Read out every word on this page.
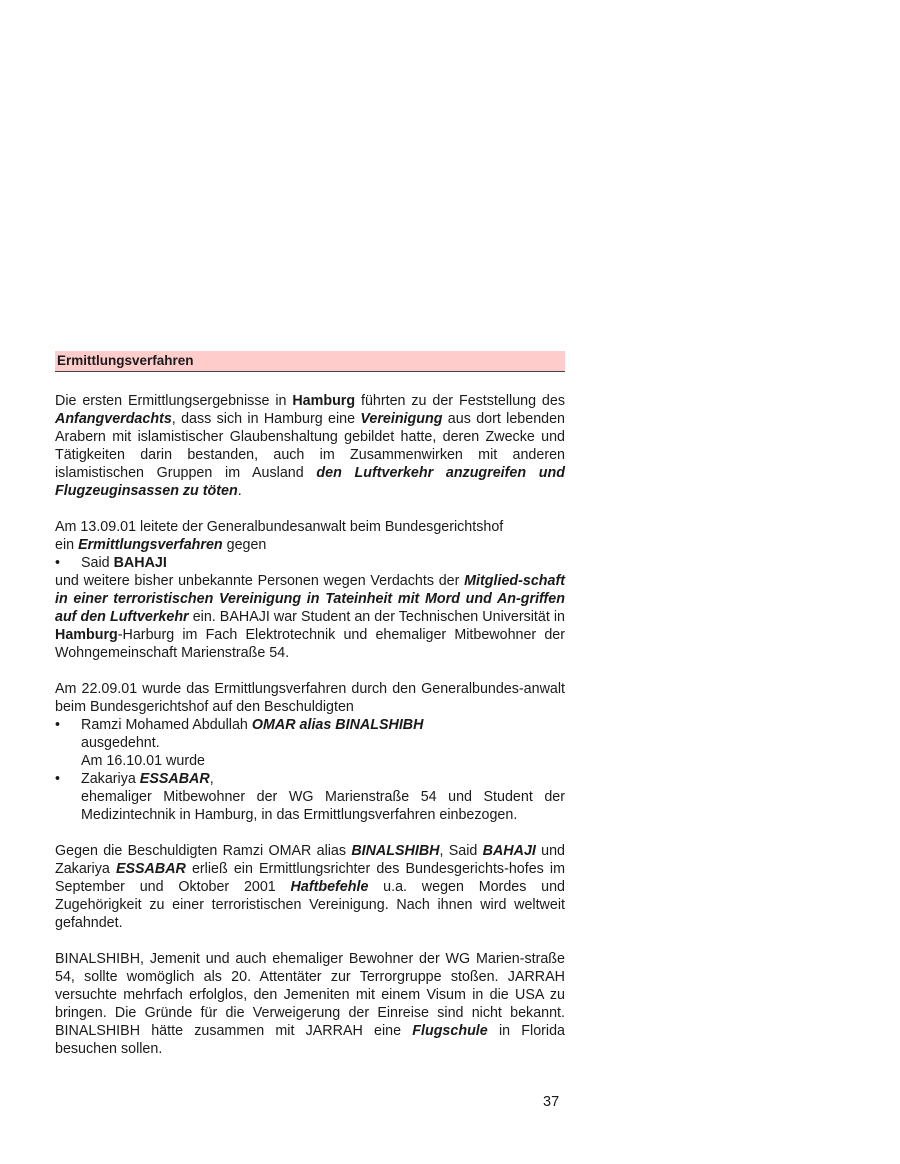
Ermittlungsverfahren

Die ersten Ermittlungsergebnisse in Hamburg führten zu der Feststellung des Anfangverdachts, dass sich in Hamburg eine Vereinigung aus dort lebenden Arabern mit islamistischer Glaubenshaltung gebildet hatte, deren Zwecke und Tätigkeiten darin bestanden, auch im Zusammenwirken mit anderen islamistischen Gruppen im Ausland den Luftverkehr anzugreifen und Flugzeuginsassen zu töten.

Am 13.09.01 leitete der Generalbundesanwalt beim Bundesgerichtshof
ein Ermittlungsverfahren gegen
•	Said BAHAJI
und weitere bisher unbekannte Personen wegen Verdachts der Mitglied-schaft in einer terroristischen Vereinigung in Tateinheit mit Mord und An-griffen auf den Luftverkehr ein. BAHAJI war Student an der Technischen Universität in Hamburg-Harburg im Fach Elektrotechnik und ehemaliger Mitbewohner der Wohngemeinschaft Marienstraße 54.
Am 22.09.01 wurde das Ermittlungsverfahren durch den Generalbundes-anwalt beim Bundesgerichtshof auf den Beschuldigten
•	Ramzi Mohamed Abdullah OMAR alias BINALSHIBH
ausgedehnt.
Am 16.10.01 wurde
•	Zakariya ESSABAR,
ehemaliger Mitbewohner der WG Marienstraße 54 und Student der Medizintechnik in Hamburg, in das Ermittlungsverfahren einbezogen.

Gegen die Beschuldigten Ramzi OMAR alias BINALSHIBH, Said BAHAJI und Zakariya ESSABAR erließ ein Ermittlungsrichter des Bundesgerichts-hofes im September und Oktober 2001 Haftbefehle u.a. wegen Mordes und Zugehörigkeit zu einer terroristischen Vereinigung. Nach ihnen wird weltweit gefahndet.

BINALSHIBH, Jemenit und auch ehemaliger Bewohner der WG Marien-straße 54, sollte womöglich als 20. Attentäter zur Terrorgruppe stoßen. JARRAH versuchte mehrfach erfolglos, den Jemeniten mit einem Visum in die USA zu bringen. Die Gründe für die Verweigerung der Einreise sind nicht bekannt. BINALSHIBH hätte zusammen mit JARRAH eine Flugschule in Florida besuchen sollen.

37
